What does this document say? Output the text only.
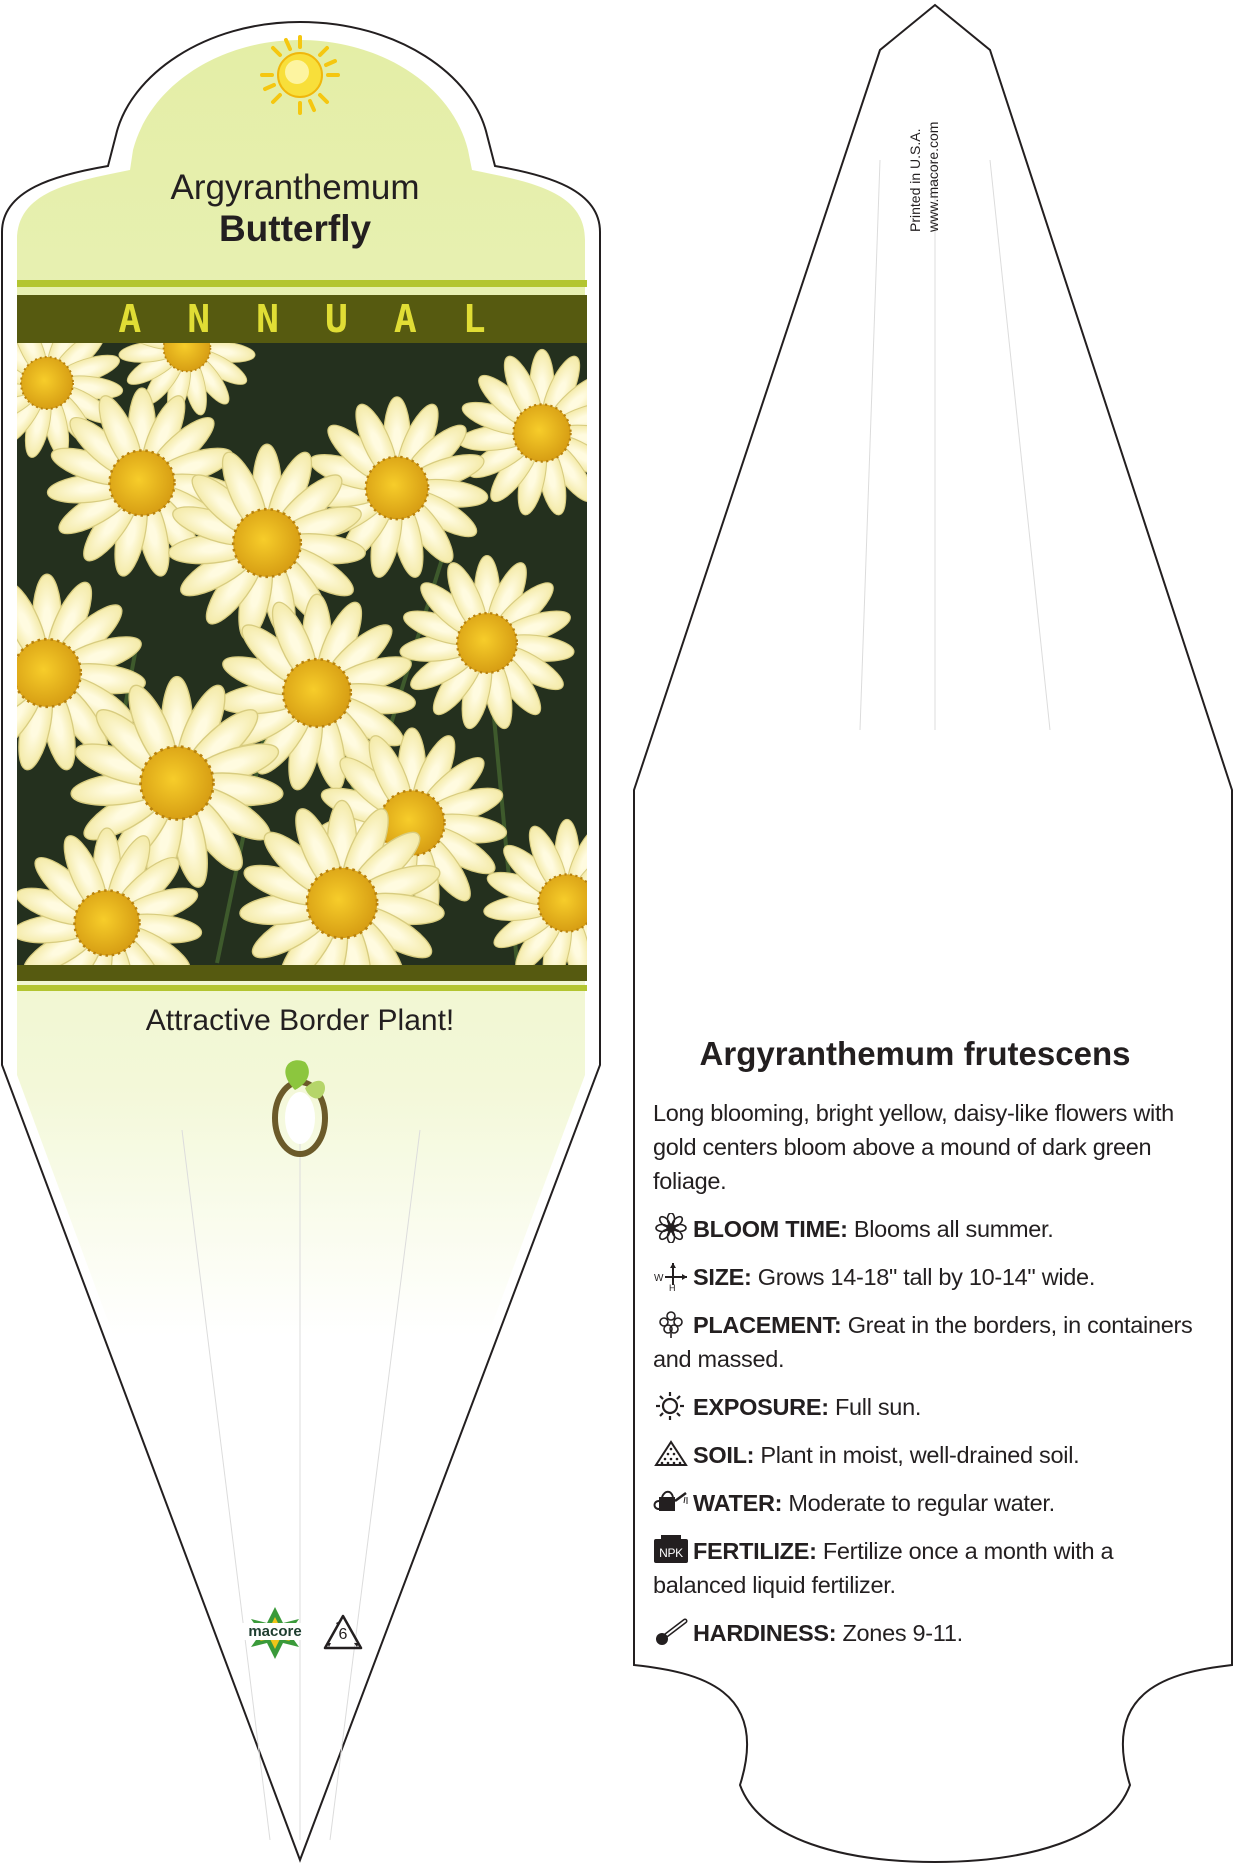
Argyranthemum
Butterfly
ANNUAL
Attractive Border Plant!
macore	6
Printed in U.S.A. www.macore.com
Argyranthemum frutescens
Long blooming, bright yellow, daisy-like flowers with gold centers bloom above a mound of dark green foliage.
BLOOM TIME: Blooms all summer.
W
H SIZE: Grows 14-18" tall by 10-14" wide.
PLACEMENT: Great in the borders, in containers and massed.
EXPOSURE: Full sun.
SOIL: Plant in moist, well-drained soil.
WATER: Moderate to regular water.
NPK FERTILIZE: Fertilize once a month with a balanced liquid fertilizer.
HARDINESS: Zones 9-11.
